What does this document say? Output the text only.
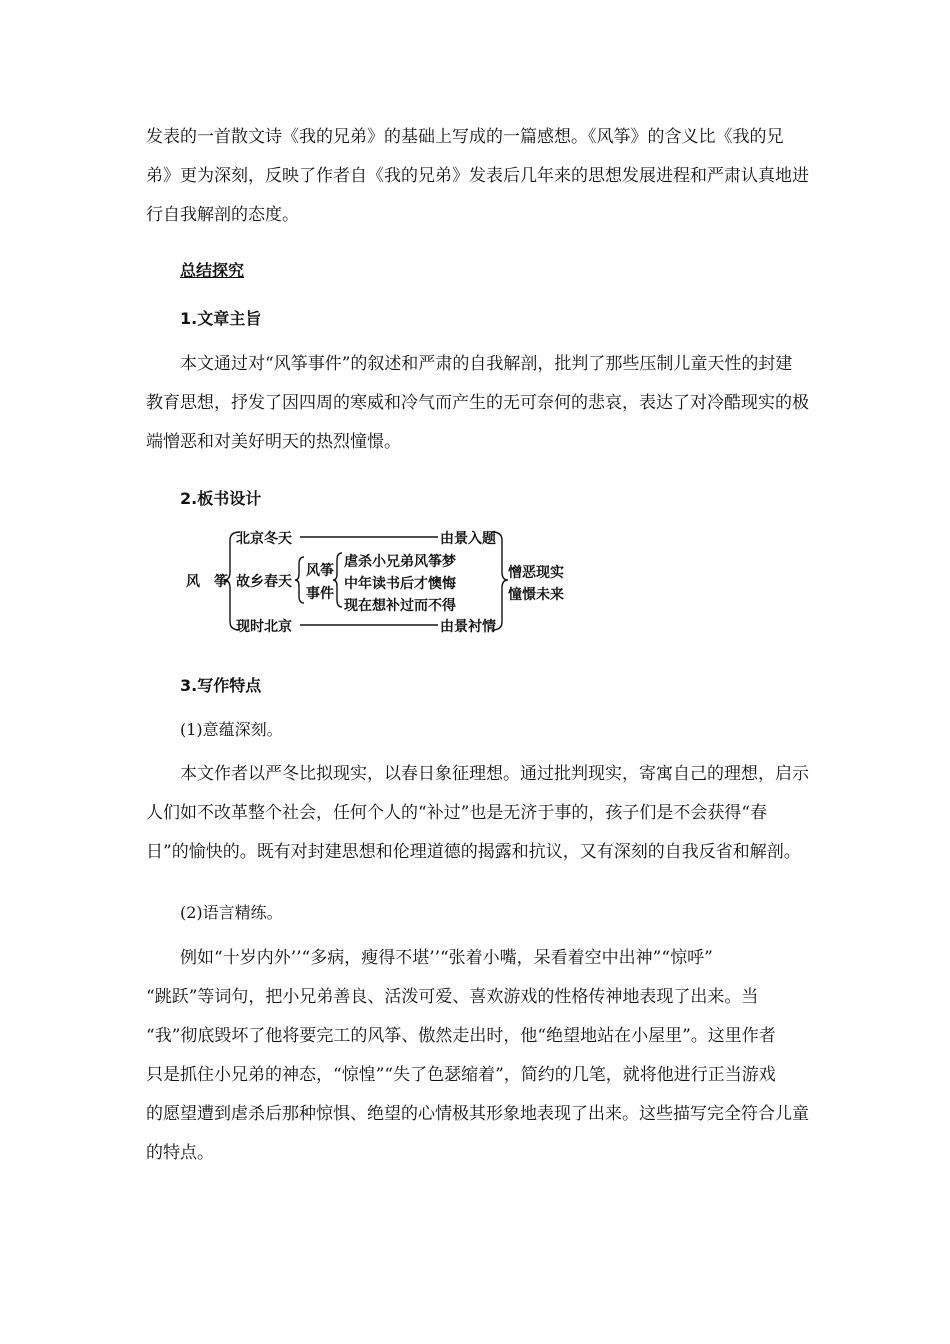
发表的一首散文诗《我的兄弟》的基础上写成的一篇感想。《风筝》的含义比《我的兄
弟》更为深刻，反映了作者自《我的兄弟》发表后几年来的思想发展进程和严肃认真地进
行自我解剖的态度。
总结探究
1.文章主旨
本文通过对“风筝事件”的叙述和严肃的自我解剖，批判了那些压制儿童天性的封建
教育思想，抒发了因四周的寒威和冷气而产生的无可奈何的悲哀，表达了对冷酷现实的极
端憎恶和对美好明天的热烈憧憬。
2.板书设计
风　筝
北京冬天	由景入题
故乡春天
风筝
事件
虐杀小兄弟风筝梦
中年读书后才懊悔
现在想补过而不得
憎恶现实
憧憬未来
现时北京	由景衬情
3.写作特点
(1)意蕴深刻。
本文作者以严冬比拟现实，以春日象征理想。通过批判现实，寄寓自己的理想，启示
人们如不改革整个社会，任何个人的“补过”也是无济于事的，孩子们是不会获得“春
日”的愉快的。既有对封建思想和伦理道德的揭露和抗议，又有深刻的自我反省和解剖。
(2)语言精练。
例如“十岁内外’’“多病，瘦得不堪’’“张着小嘴，呆看着空中出神”“惊呼”
“跳跃”等词句，把小兄弟善良、活泼可爱、喜欢游戏的性格传神地表现了出来。当
“我”彻底毁坏了他将要完工的风筝、傲然走出时，他“绝望地站在小屋里”。这里作者
只是抓住小兄弟的神态，“惊惶”“失了色瑟缩着”，简约的几笔，就将他进行正当游戏
的愿望遭到虐杀后那种惊惧、绝望的心情极其形象地表现了出来。这些描写完全符合儿童
的特点。
